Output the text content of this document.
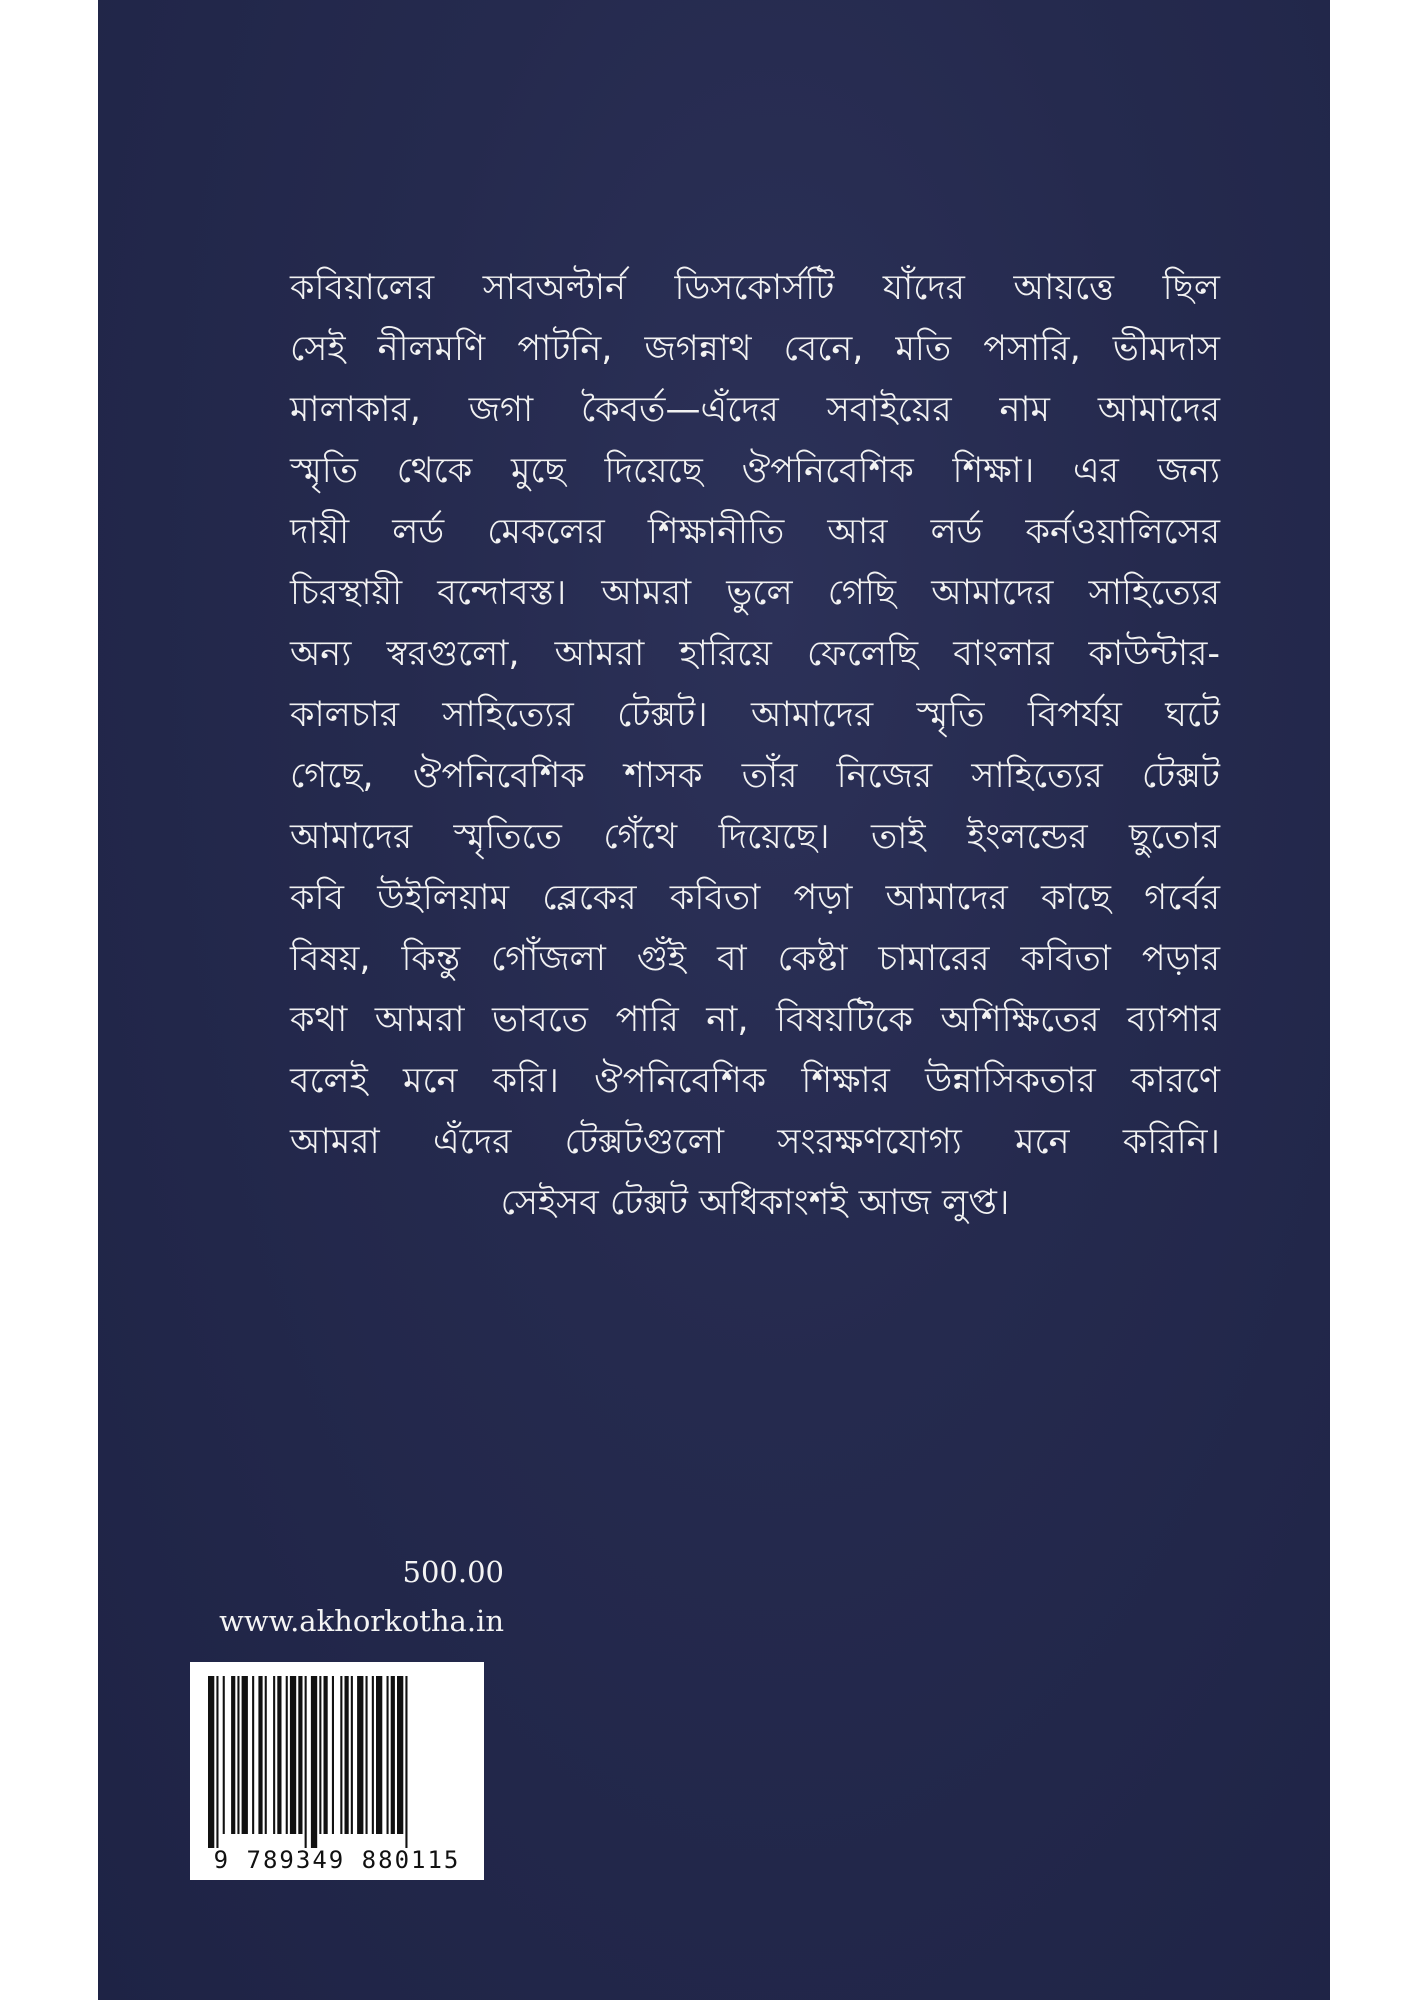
কবিয়ালের সাবঅল্টার্ন ডিসকোর্সটি যাঁদের আয়ত্তে ছিল
সেই নীলমণি পাটনি, জগন্নাথ বেনে, মতি পসারি, ভীমদাস
মালাকার, জগা কৈবর্ত—এঁদের সবাইয়ের নাম আমাদের
স্মৃতি থেকে মুছে দিয়েছে ঔপনিবেশিক শিক্ষা। এর জন্য
দায়ী লর্ড মেকলের শিক্ষানীতি আর লর্ড কর্নওয়ালিসের
চিরস্থায়ী বন্দোবস্ত। আমরা ভুলে গেছি আমাদের সাহিত্যের
অন্য স্বরগুলো, আমরা হারিয়ে ফেলেছি বাংলার কাউন্টার-
কালচার সাহিত্যের টেক্সট। আমাদের স্মৃতি বিপর্যয় ঘটে
গেছে, ঔপনিবেশিক শাসক তাঁর নিজের সাহিত্যের টেক্সট
আমাদের স্মৃতিতে গেঁথে দিয়েছে। তাই ইংলন্ডের ছুতোর
কবি উইলিয়াম ব্লেকের কবিতা পড়া আমাদের কাছে গর্বের
বিষয়, কিন্তু গোঁজলা গুঁই বা কেষ্টা চামারের কবিতা পড়ার
কথা আমরা ভাবতে পারি না, বিষয়টিকে অশিক্ষিতের ব্যাপার
বলেই মনে করি। ঔপনিবেশিক শিক্ষার উন্নাসিকতার কারণে
আমরা এঁদের টেক্সটগুলো সংরক্ষণযোগ্য মনে করিনি।
সেইসব টেক্সট অধিকাংশই আজ লুপ্ত।
500.00
www.akhorkotha.in
9 789349 880115
